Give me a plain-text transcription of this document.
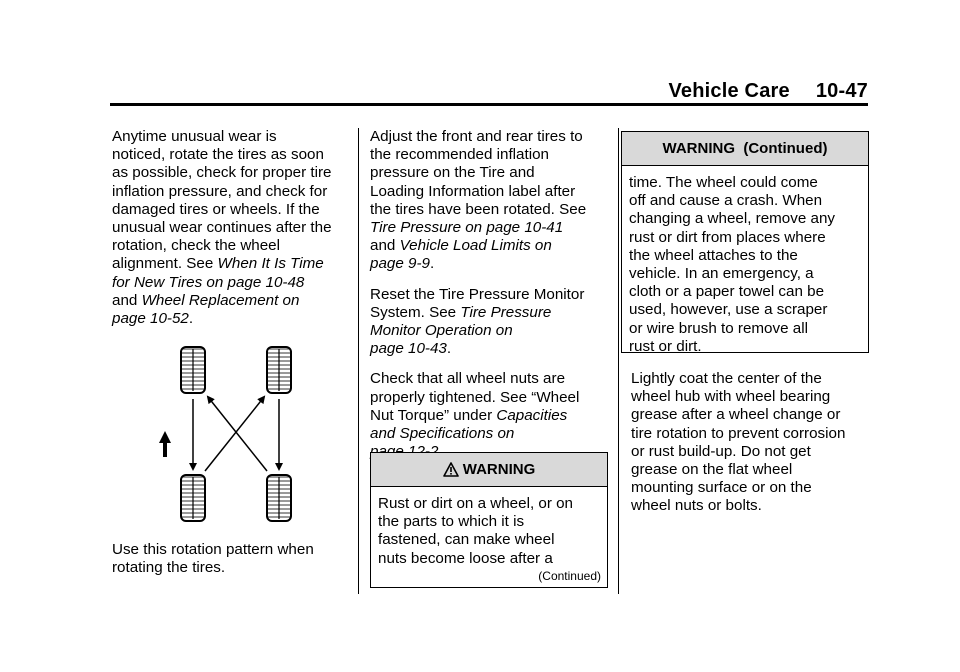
Vehicle Care 10-47

Anytime unusual wear is
noticed, rotate the tires as soon
as possible, check for proper tire
inflation pressure, and check for
damaged tires or wheels. If the
unusual wear continues after the
rotation, check the wheel
alignment. See When It Is Time
for New Tires on page 10-48
and Wheel Replacement on
page 10-52.

Use this rotation pattern when
rotating the tires.

Adjust the front and rear tires to
the recommended inflation
pressure on the Tire and
Loading Information label after
the tires have been rotated. See
Tire Pressure on page 10-41
and Vehicle Load Limits on
page 9-9.

Reset the Tire Pressure Monitor
System. See Tire Pressure
Monitor Operation on
page 10-43.

Check that all wheel nuts are
properly tightened. See “Wheel
Nut Torque” under Capacities
and Specifications on

WARNING
Rust or dirt on a wheel, or on
the parts to which it is
fastened, can make wheel
nuts become loose after a
(Continued)
WARNING  (Continued)
time. The wheel could come
off and cause a crash. When
changing a wheel, remove any
rust or dirt from places where
the wheel attaches to the
vehicle. In an emergency, a
cloth or a paper towel can be
used, however, use a scraper
or wire brush to remove all
rust or dirt.

Lightly coat the center of the
wheel hub with wheel bearing
grease after a wheel change or
tire rotation to prevent corrosion
or rust build-up. Do not get
grease on the flat wheel
mounting surface or on the
wheel nuts or bolts.
